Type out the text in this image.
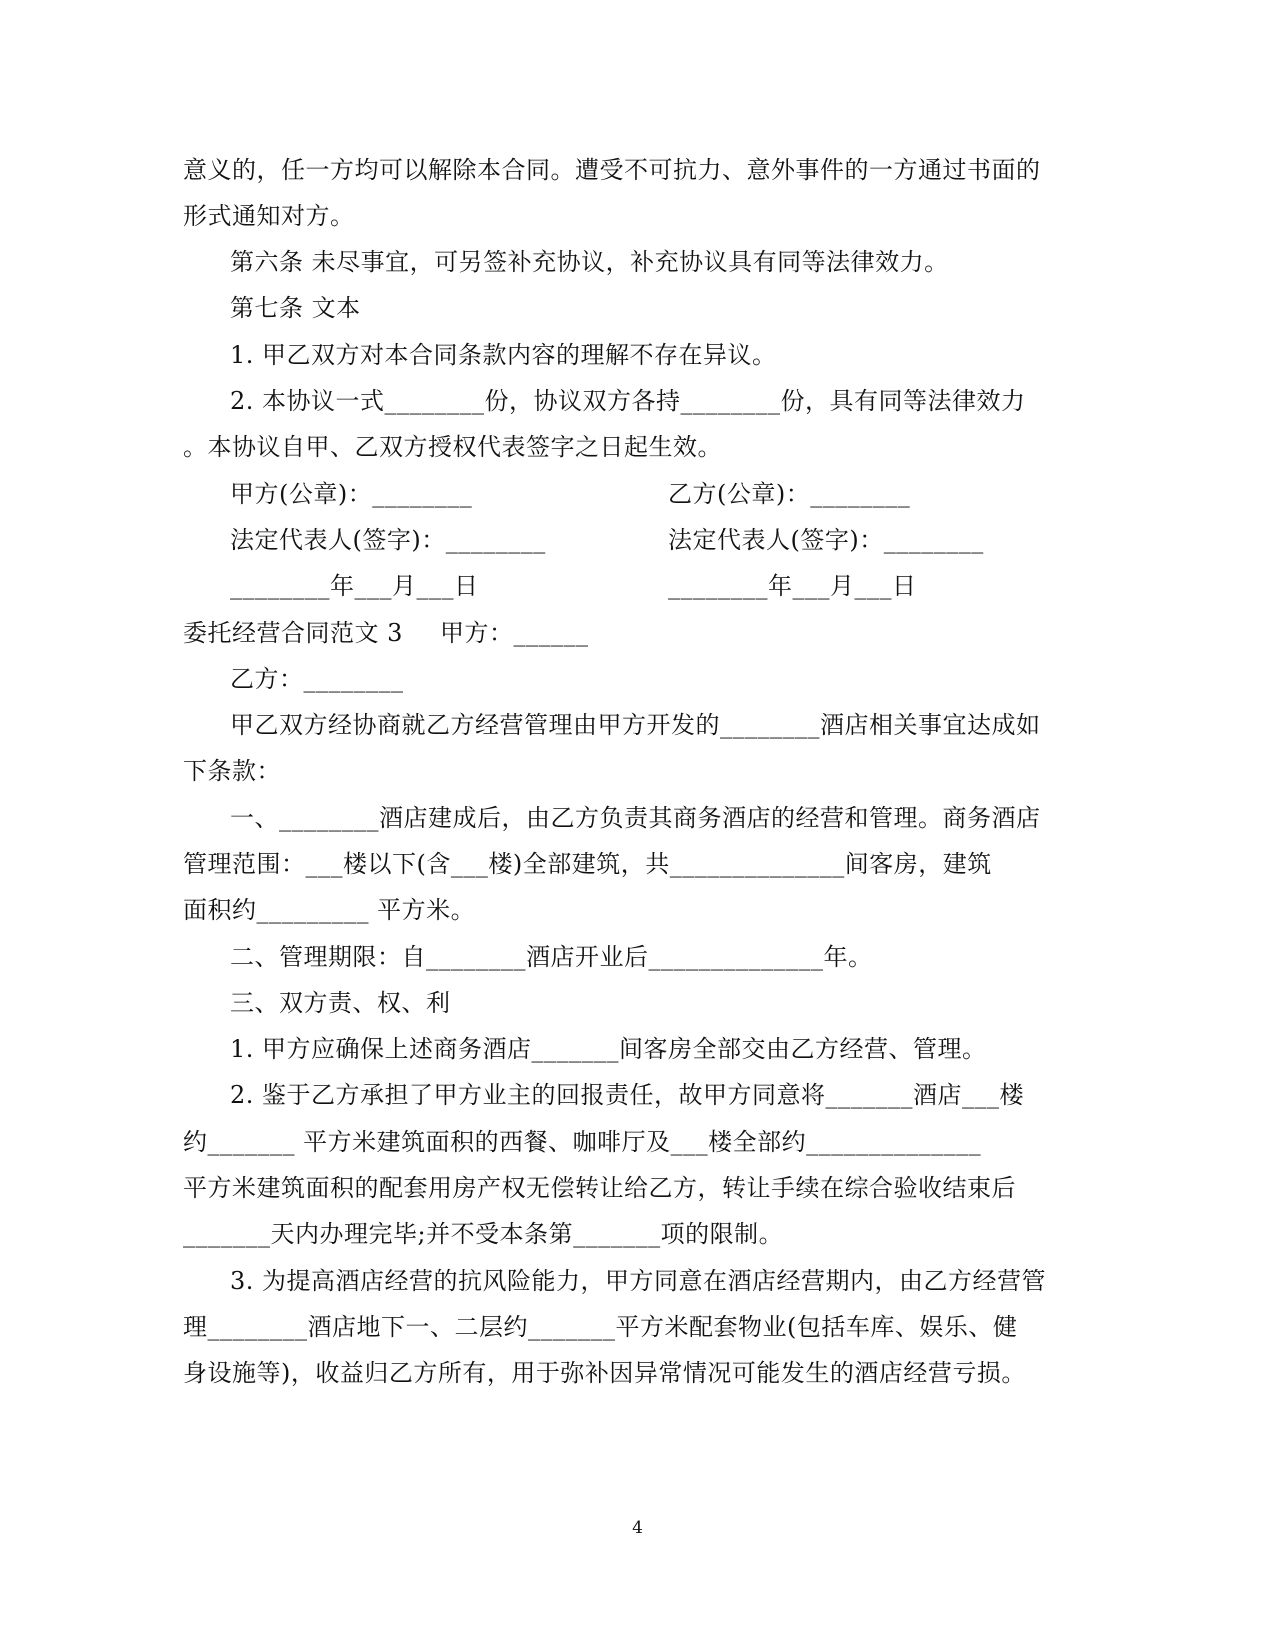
意义的，任一方均可以解除本合同。遭受不可抗力、意外事件的一方通过书面的
形式通知对方。
第六条 未尽事宜，可另签补充协议，补充协议具有同等法律效力。
第七条 文本
1. 甲乙双方对本合同条款内容的理解不存在异议。
2. 本协议一式________份，协议双方各持________份，具有同等法律效力
。本协议自甲、乙双方授权代表签字之日起生效。
甲方(公章)：________	乙方(公章)：________
法定代表人(签字)：________	法定代表人(签字)：________
________年___月___日	________年___月___日
委托经营合同范文 3 甲方：______
乙方：________
甲乙双方经协商就乙方经营管理由甲方开发的________酒店相关事宜达成如
下条款：
一、________酒店建成后，由乙方负责其商务酒店的经营和管理。商务酒店
管理范围：___楼以下(含___楼)全部建筑，共______________间客房，建筑
面积约_________ 平方米。
二、管理期限：自________酒店开业后______________年。
三、双方责、权、利
1. 甲方应确保上述商务酒店_______间客房全部交由乙方经营、管理。
2. 鉴于乙方承担了甲方业主的回报责任，故甲方同意将_______酒店___楼
约_______ 平方米建筑面积的西餐、咖啡厅及___楼全部约______________
平方米建筑面积的配套用房产权无偿转让给乙方，转让手续在综合验收结束后
_______天内办理完毕;并不受本条第_______项的限制。
3. 为提高酒店经营的抗风险能力，甲方同意在酒店经营期内，由乙方经营管
理________酒店地下一、二层约_______平方米配套物业(包括车库、娱乐、健
身设施等)，收益归乙方所有，用于弥补因异常情况可能发生的酒店经营亏损。
4
